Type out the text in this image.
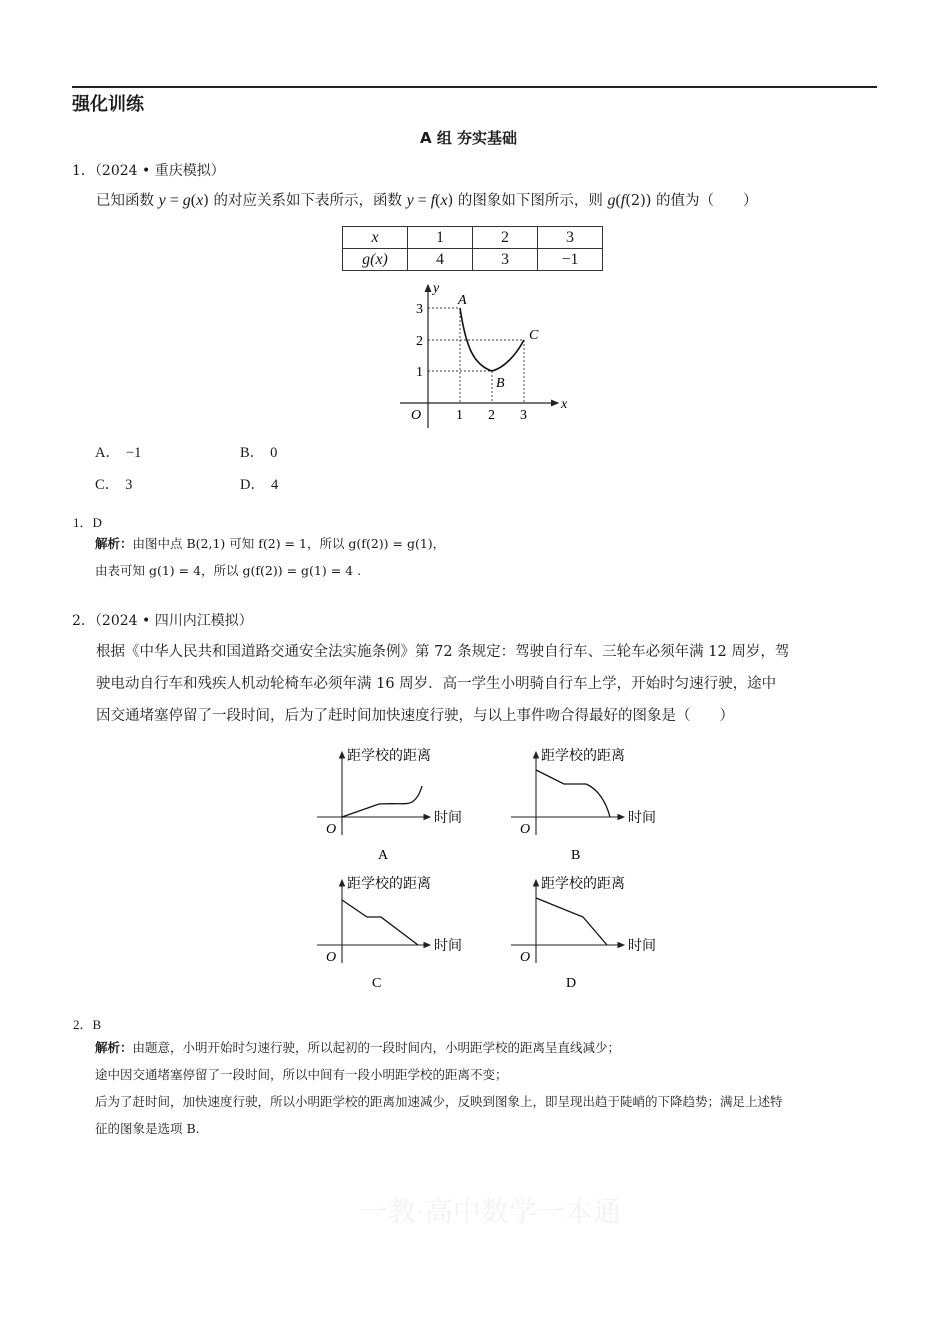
强化训练
A 组 夯实基础
1．（2024 • 重庆模拟）
已知函数 y = g(x) 的对应关系如下表所示，函数 y = f(x) 的图象如下图所示，则 g(f(2)) 的值为（　　）
x	1	2	3
g(x)	4	3	−1
O
x
y
1 2 3
1
2
3
A
B
C
A． −1	B． 0
C． 3	D． 4
1．D
解析：由图中点 B(2,1) 可知 f(2) = 1，所以 g(f(2)) = g(1)，
由表可知 g(1) = 4，所以 g(f(2)) = g(1) = 4 .
2．（2024 • 四川内江模拟）
根据《中华人民共和国道路交通安全法实施条例》第 72 条规定：驾驶自行车、三轮车必须年满 12 周岁，驾
驶电动自行车和残疾人机动轮椅车必须年满 16 周岁．高一学生小明骑自行车上学，开始时匀速行驶，途中
因交通堵塞停留了一段时间，后为了赶时间加快速度行驶，与以上事件吻合得最好的图象是（　　）
距学校的距离
时间
O
A
距学校的距离
时间
O
B
距学校的距离
时间
O
C
距学校的距离
时间
O
D
2．B
解析：由题意，小明开始时匀速行驶，所以起初的一段时间内，小明距学校的距离呈直线减少；
途中因交通堵塞停留了一段时间，所以中间有一段小明距学校的距离不变；
后为了赶时间，加快速度行驶，所以小明距学校的距离加速减少，反映到图象上，即呈现出趋于陡峭的下降趋势；满足上述特
征的图象是选项 B.
一教·高中数学一本通
